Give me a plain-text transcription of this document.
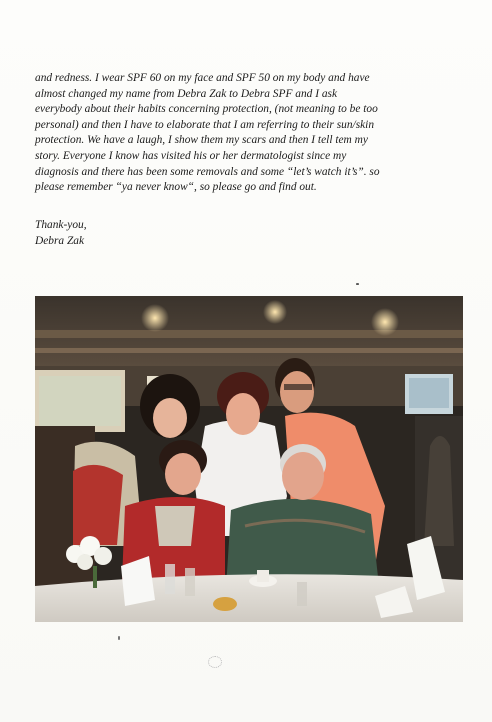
and redness. I wear SPF 60 on my face and SPF 50 on my body and have
almost changed my name from Debra Zak to Debra SPF and I ask
everybody about their habits concerning protection, (not meaning to be too
personal) and then I have to elaborate that I am referring to their sun/skin
protection. We have a laugh, I show them my scars and then I tell tem my
story. Everyone I know has visited his or her dermatologist since my
diagnosis and there has been some removals and some “let’s watch it’s”. so
please remember “ya never know“, so please go and find out.
Thank-you,
Debra Zak
